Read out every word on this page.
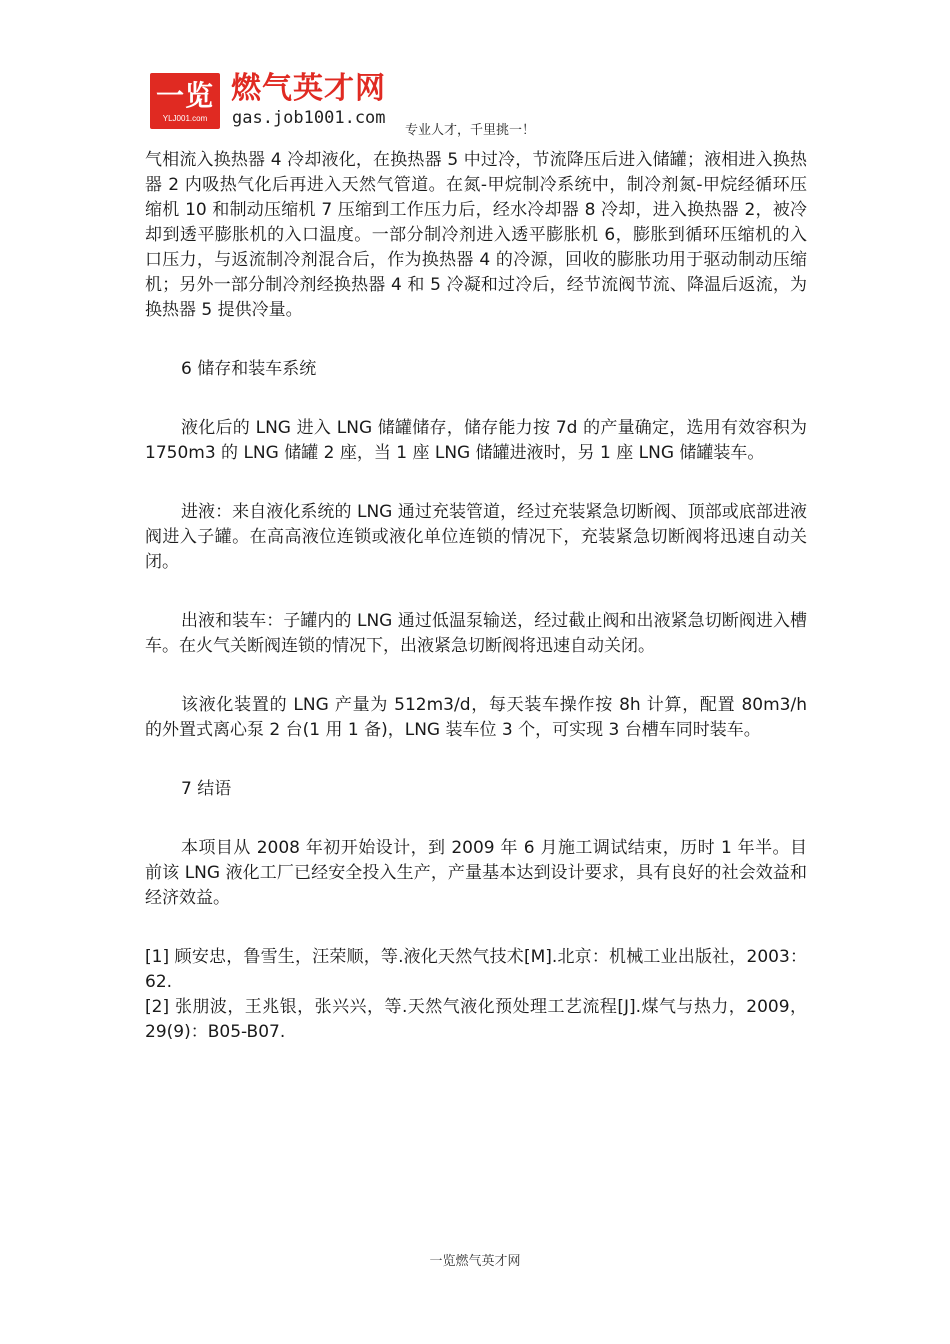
一览
YLJ001.com
燃气英才网
gas.job1001.com
专业人才，千里挑一！

气相流入换热器 4 冷却液化，在换热器 5 中过冷，节流降压后进入储罐；液相进入换热器 2 内吸热气化后再进入天然气管道。在氮-甲烷制冷系统中，制冷剂氮-甲烷经循环压缩机 10 和制动压缩机 7 压缩到工作压力后，经水冷却器 8 冷却，进入换热器 2，被冷却到透平膨胀机的入口温度。一部分制冷剂进入透平膨胀机 6，膨胀到循环压缩机的入口压力，与返流制冷剂混合后，作为换热器 4 的冷源，回收的膨胀功用于驱动制动压缩机；另外一部分制冷剂经换热器 4 和 5 冷凝和过冷后，经节流阀节流、降温后返流，为换热器 5 提供冷量。

6 储存和装车系统

液化后的 LNG 进入 LNG 储罐储存，储存能力按 7d 的产量确定，选用有效容积为 1750m3 的 LNG 储罐 2 座，当 1 座 LNG 储罐进液时，另 1 座 LNG 储罐装车。

进液：来自液化系统的 LNG 通过充装管道，经过充装紧急切断阀、顶部或底部进液阀进入子罐。在高高液位连锁或液化单位连锁的情况下，充装紧急切断阀将迅速自动关闭。

出液和装车：子罐内的 LNG 通过低温泵输送，经过截止阀和出液紧急切断阀进入槽车。在火气关断阀连锁的情况下，出液紧急切断阀将迅速自动关闭。

该液化装置的 LNG 产量为 512m3/d，每天装车操作按 8h 计算，配置 80m3/h 的外置式离心泵 2 台(1 用 1 备)，LNG 装车位 3 个，可实现 3 台槽车同时装车。

7 结语

本项目从 2008 年初开始设计，到 2009 年 6 月施工调试结束，历时 1 年半。目前该 LNG 液化工厂已经安全投入生产，产量基本达到设计要求，具有良好的社会效益和经济效益。

[1] 顾安忠，鲁雪生，汪荣顺，等.液化天然气技术[M].北京：机械工业出版社，2003：62.

[2] 张朋波，王兆银，张兴兴，等.天然气液化预处理工艺流程[J].煤气与热力，2009，29(9)：B05-B07.

一览燃气英才网
